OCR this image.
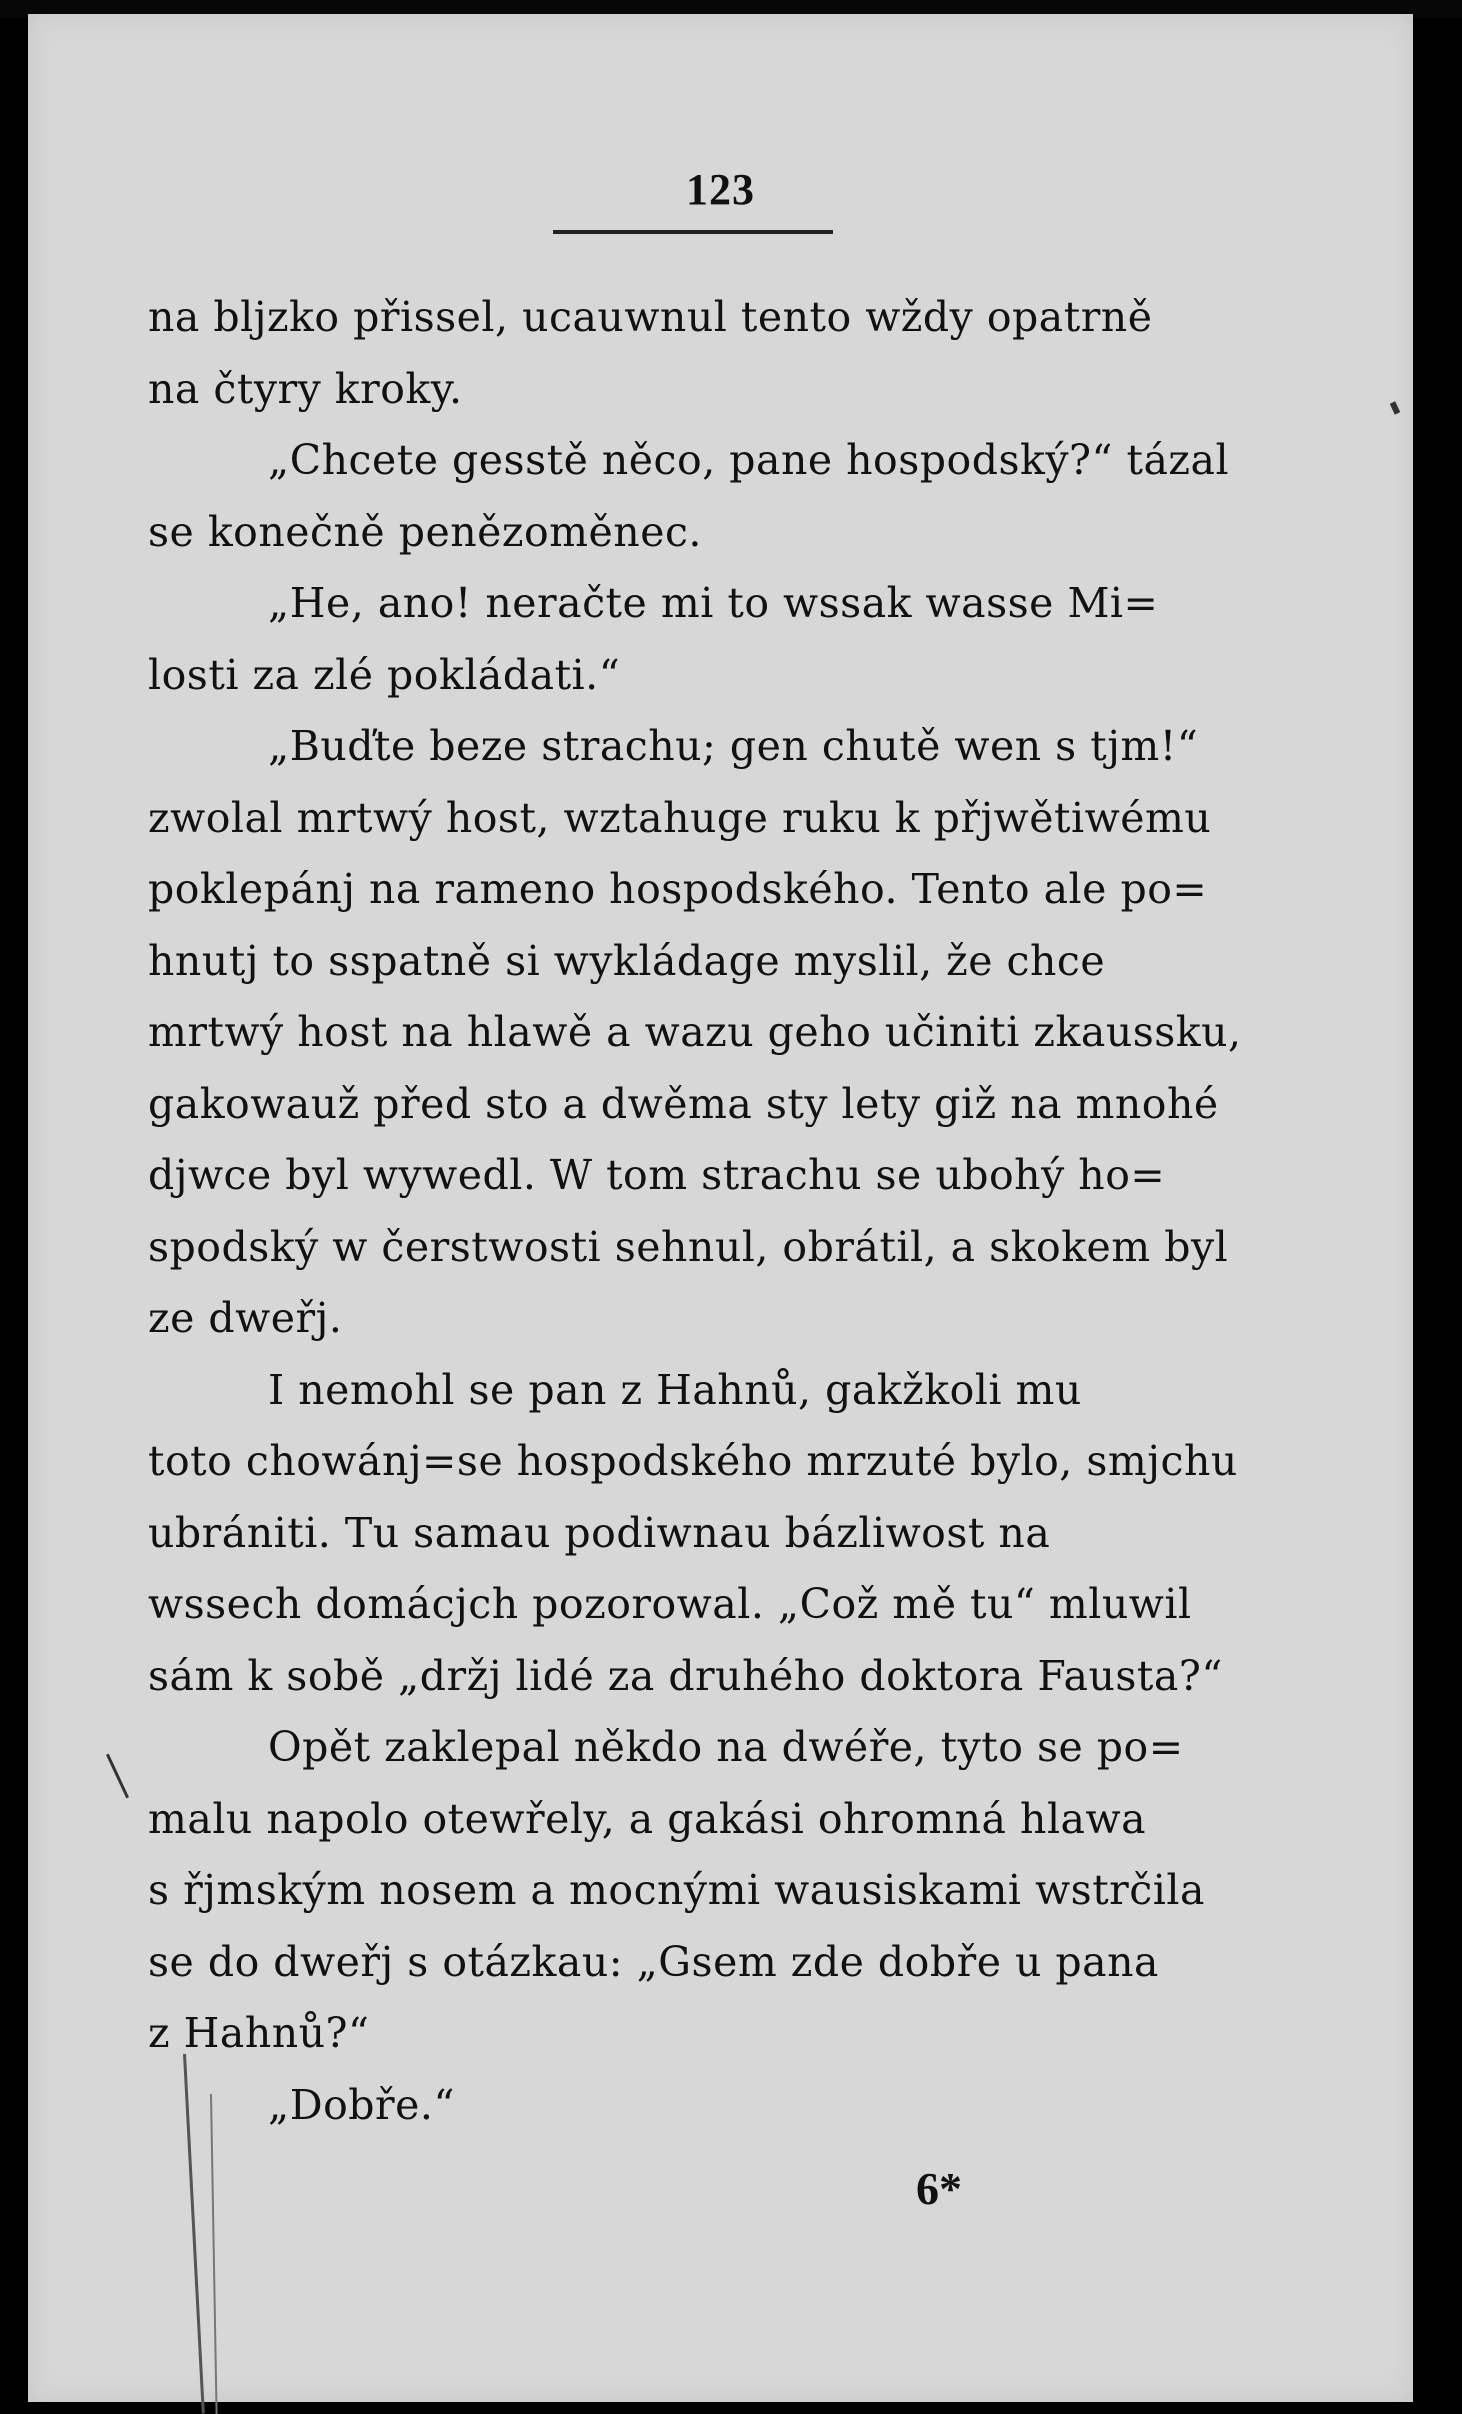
123
na bljzko přissel, ucauwnul tento wždy opatrně
na čtyry kroky.
„Chcete gesstě něco, pane hospodský?“ tázal
se konečně penězoměnec.
„He, ano! neračte mi to wssak wasse Mi=
losti za zlé pokládati.“
„Buďte beze strachu; gen chutě wen s tjm!“
zwolal mrtwý host, wztahuge ruku k přjwětiwému
poklepánj na rameno hospodského. Tento ale po=
hnutj to sspatně si wykládage myslil, že chce
mrtwý host na hlawě a wazu geho učiniti zkaussku,
gakowauž před sto a dwěma sty lety giž na mnohé
djwce byl wywedl. W tom strachu se ubohý ho=
spodský w čerstwosti sehnul, obrátil, a skokem byl
ze dweřj.
I nemohl se pan z Hahnů, gakžkoli mu
toto chowánj=se hospodského mrzuté bylo, smjchu
ubrániti. Tu samau podiwnau bázliwost na
wssech domácjch pozorowal. „Což mě tu“ mluwil
sám k sobě „držj lidé za druhého doktora Fausta?“
Opět zaklepal někdo na dwéře, tyto se po=
malu napolo otewřely, a gakási ohromná hlawa
s řjmským nosem a mocnými wausiskami wstrčila
se do dweřj s otázkau: „Gsem zde dobře u pana
z Hahnů?“
„Dobře.“
6*
